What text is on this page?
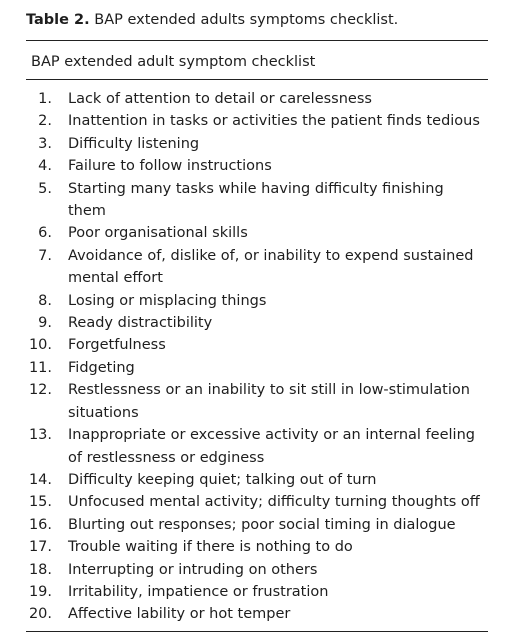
Table 2. BAP extended adults symptoms checklist.

BAP extended adult symptom checklist

1.	Lack of attention to detail or carelessness
2.	Inattention in tasks or activities the patient finds tedious
3.	Difficulty listening
4.	Failure to follow instructions
5.	Starting many tasks while having difficulty finishing them
6.	Poor organisational skills
7.	Avoidance of, dislike of, or inability to expend sustained mental effort
8.	Losing or misplacing things
9.	Ready distractibility
10.	Forgetfulness
11.	Fidgeting
12.	Restlessness or an inability to sit still in low-stimulation situations
13.	Inappropriate or excessive activity or an internal feeling of restlessness or edginess
14.	Difficulty keeping quiet; talking out of turn
15.	Unfocused mental activity; difficulty turning thoughts off
16.	Blurting out responses; poor social timing in dialogue
17.	Trouble waiting if there is nothing to do
18.	Interrupting or intruding on others
19.	Irritability, impatience or frustration
20.	Affective lability or hot temper
